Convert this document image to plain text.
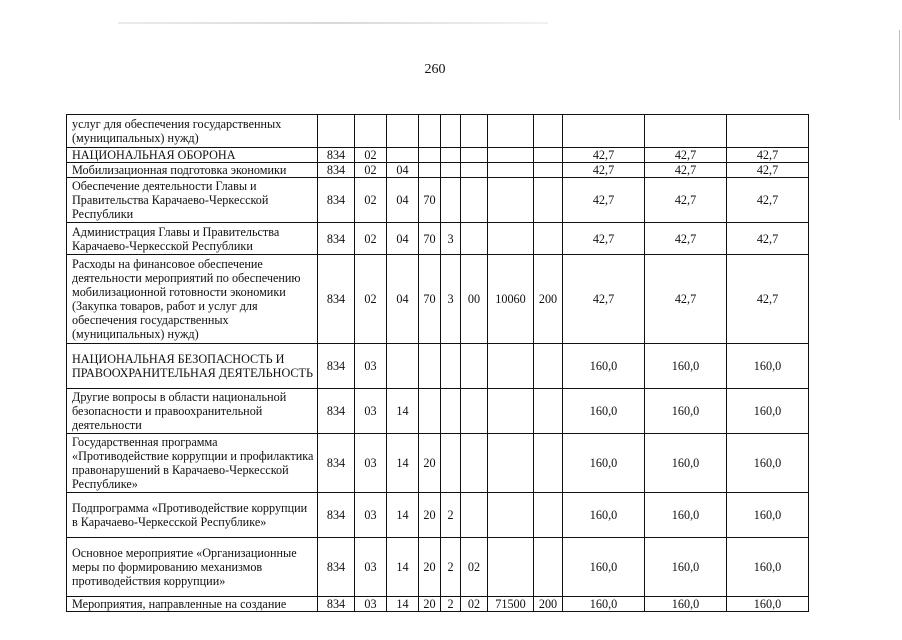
260
услуг для обеспечения государственных (муниципальных) нужд)											
НАЦИОНАЛЬНАЯ ОБОРОНА	834	02							42,7	42,7	42,7
Мобилизационная подготовка экономики	834	02	04						42,7	42,7	42,7
Обеспечение деятельности Главы и Правительства Карачаево-Черкесской Республики	834	02	04	70					42,7	42,7	42,7
Администрация Главы и Правительства Карачаево-Черкесской Республики	834	02	04	70	3				42,7	42,7	42,7
Расходы на финансовое обеспечение деятельности мероприятий по обеспечению мобилизационной готовности экономики (Закупка товаров, работ и услуг для обеспечения государственных (муниципальных) нужд)	834	02	04	70	3	00	10060	200	42,7	42,7	42,7
НАЦИОНАЛЬНАЯ БЕЗОПАСНОСТЬ И ПРАВООХРАНИТЕЛЬНАЯ ДЕЯТЕЛЬНОСТЬ	834	03							160,0	160,0	160,0
Другие вопросы в области национальной безопасности и правоохранительной деятельности	834	03	14						160,0	160,0	160,0
Государственная программа «Противодействие коррупции и профилактика правонарушений в Карачаево-Черкесской Республике»	834	03	14	20					160,0	160,0	160,0
Подпрограмма «Противодействие коррупции в Карачаево-Черкесской Республике»	834	03	14	20	2				160,0	160,0	160,0
Основное мероприятие «Организационные меры по формированию механизмов противодействия коррупции»	834	03	14	20	2	02			160,0	160,0	160,0
Мероприятия, направленные на создание	834	03	14	20	2	02	71500	200	160,0	160,0	160,0
